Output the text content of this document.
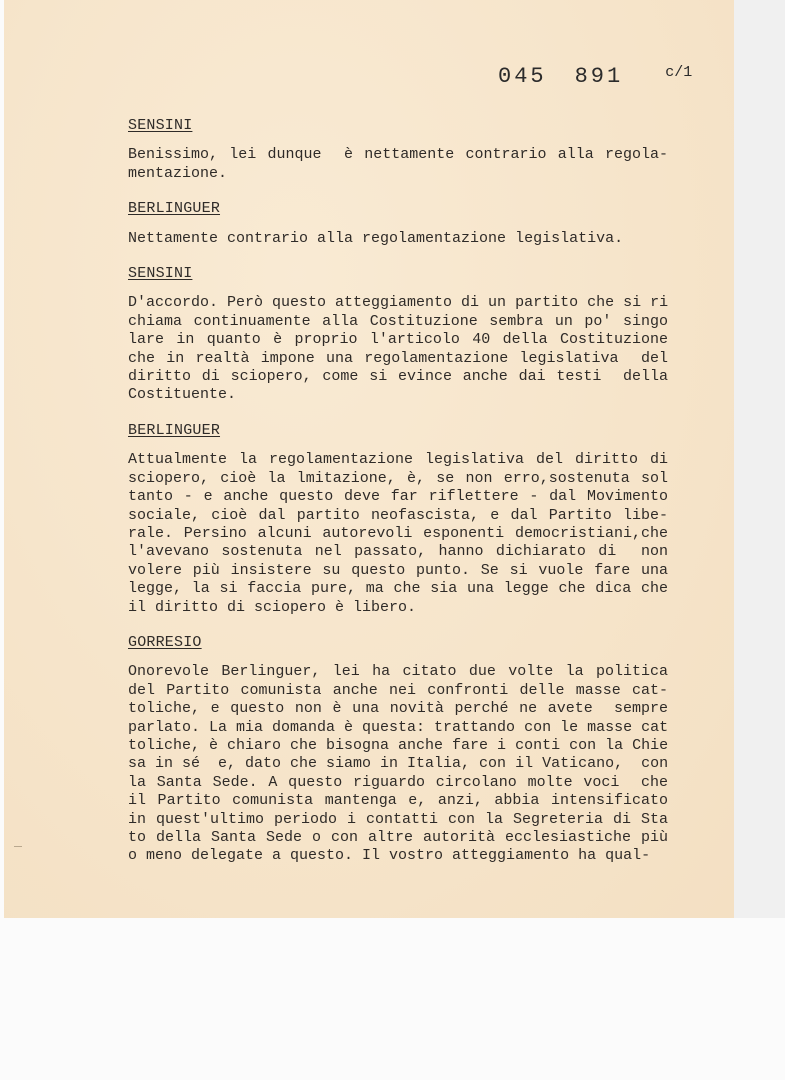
045 891	$^{c/1}$
SENSINI
Benissimo, lei dunque  è nettamente contrario alla regola-
mentazione.
BERLINGUER
Nettamente contrario alla regolamentazione legislativa.
SENSINI
D'accordo. Però questo atteggiamento di un partito che si ri
chiama continuamente alla Costituzione sembra un po' singo
lare in quanto è proprio l'articolo 40 della Costituzione
che in realtà impone una regolamentazione legislativa  del
diritto di sciopero, come si evince anche dai testi  della
Costituente.
BERLINGUER
Attualmente la regolamentazione legislativa del diritto di
sciopero, cioè la lmitazione, è, se non erro,sostenuta sol
tanto - e anche questo deve far riflettere - dal Movimento
sociale, cioè dal partito neofascista, e dal Partito libe-
rale. Persino alcuni autorevoli esponenti democristiani,che
l'avevano sostenuta nel passato, hanno dichiarato di  non
volere più insistere su questo punto. Se si vuole fare una
legge, la si faccia pure, ma che sia una legge che dica che
il diritto di sciopero è libero.
GORRESIO
Onorevole Berlinguer, lei ha citato due volte la politica
del Partito comunista anche nei confronti delle masse cat-
toliche, e questo non è una novità perché ne avete  sempre
parlato. La mia domanda è questa: trattando con le masse cat
toliche, è chiaro che bisogna anche fare i conti con la Chie
sa in sé  e, dato che siamo in Italia, con il Vaticano,  con
la Santa Sede. A questo riguardo circolano molte voci  che
il Partito comunista mantenga e, anzi, abbia intensificato
in quest'ultimo periodo i contatti con la Segreteria di Sta
to della Santa Sede o con altre autorità ecclesiastiche più
o meno delegate a questo. Il vostro atteggiamento ha qual-
